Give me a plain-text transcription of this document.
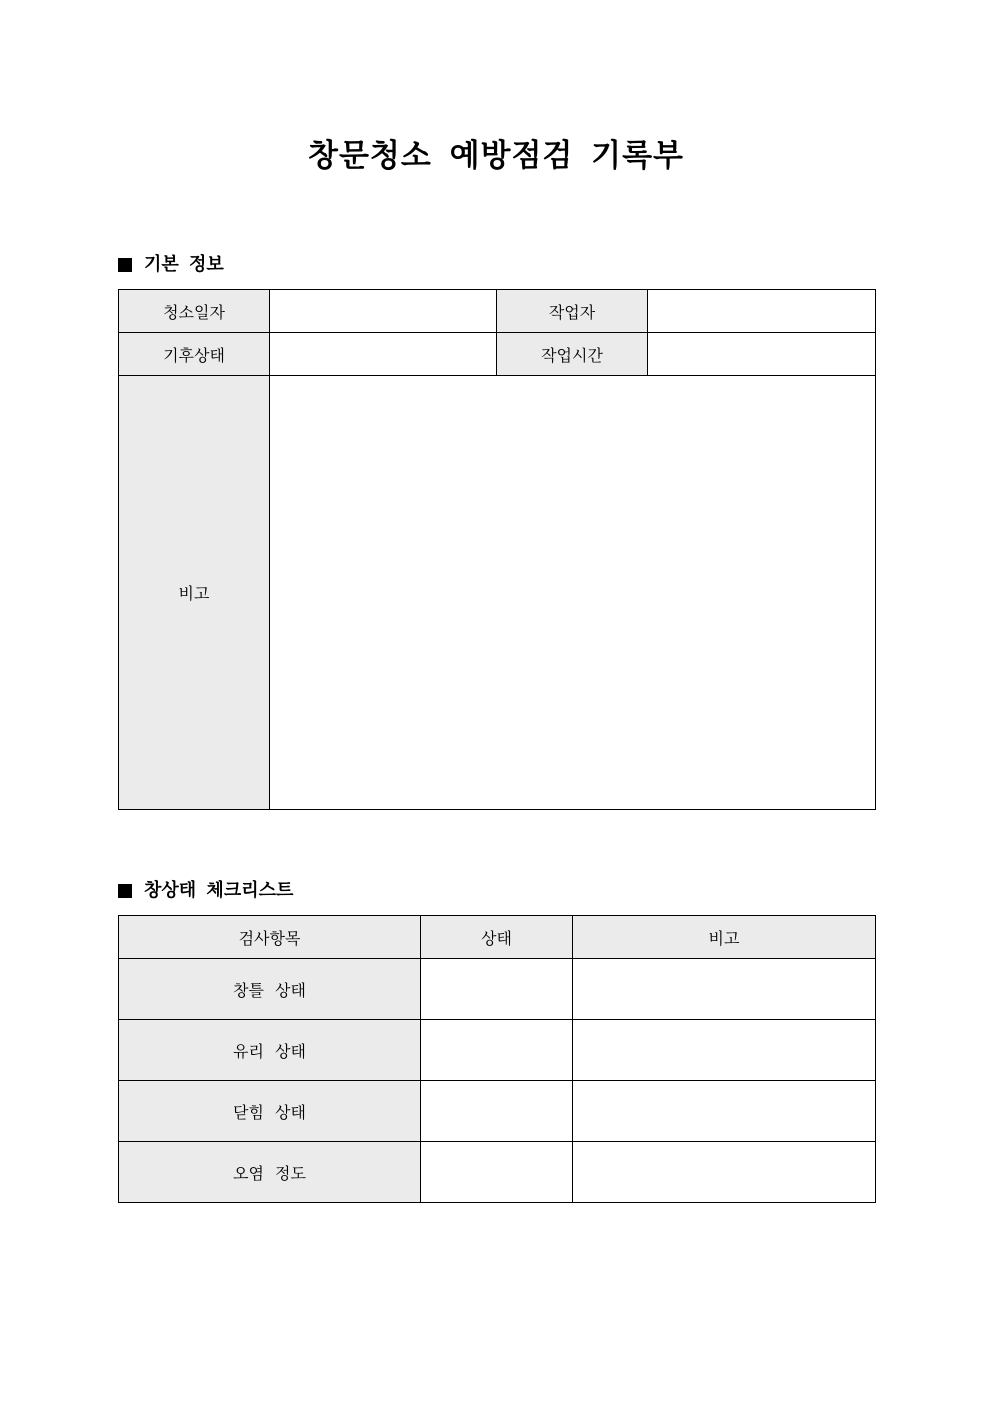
창문청소 예방점검 기록부
기본 정보
청소일자		작업자	
기후상태		작업시간	
비고			
창상태 체크리스트
검사항목	상태	비고
창틀 상태		
유리 상태		
닫힘 상태		
오염 정도		
